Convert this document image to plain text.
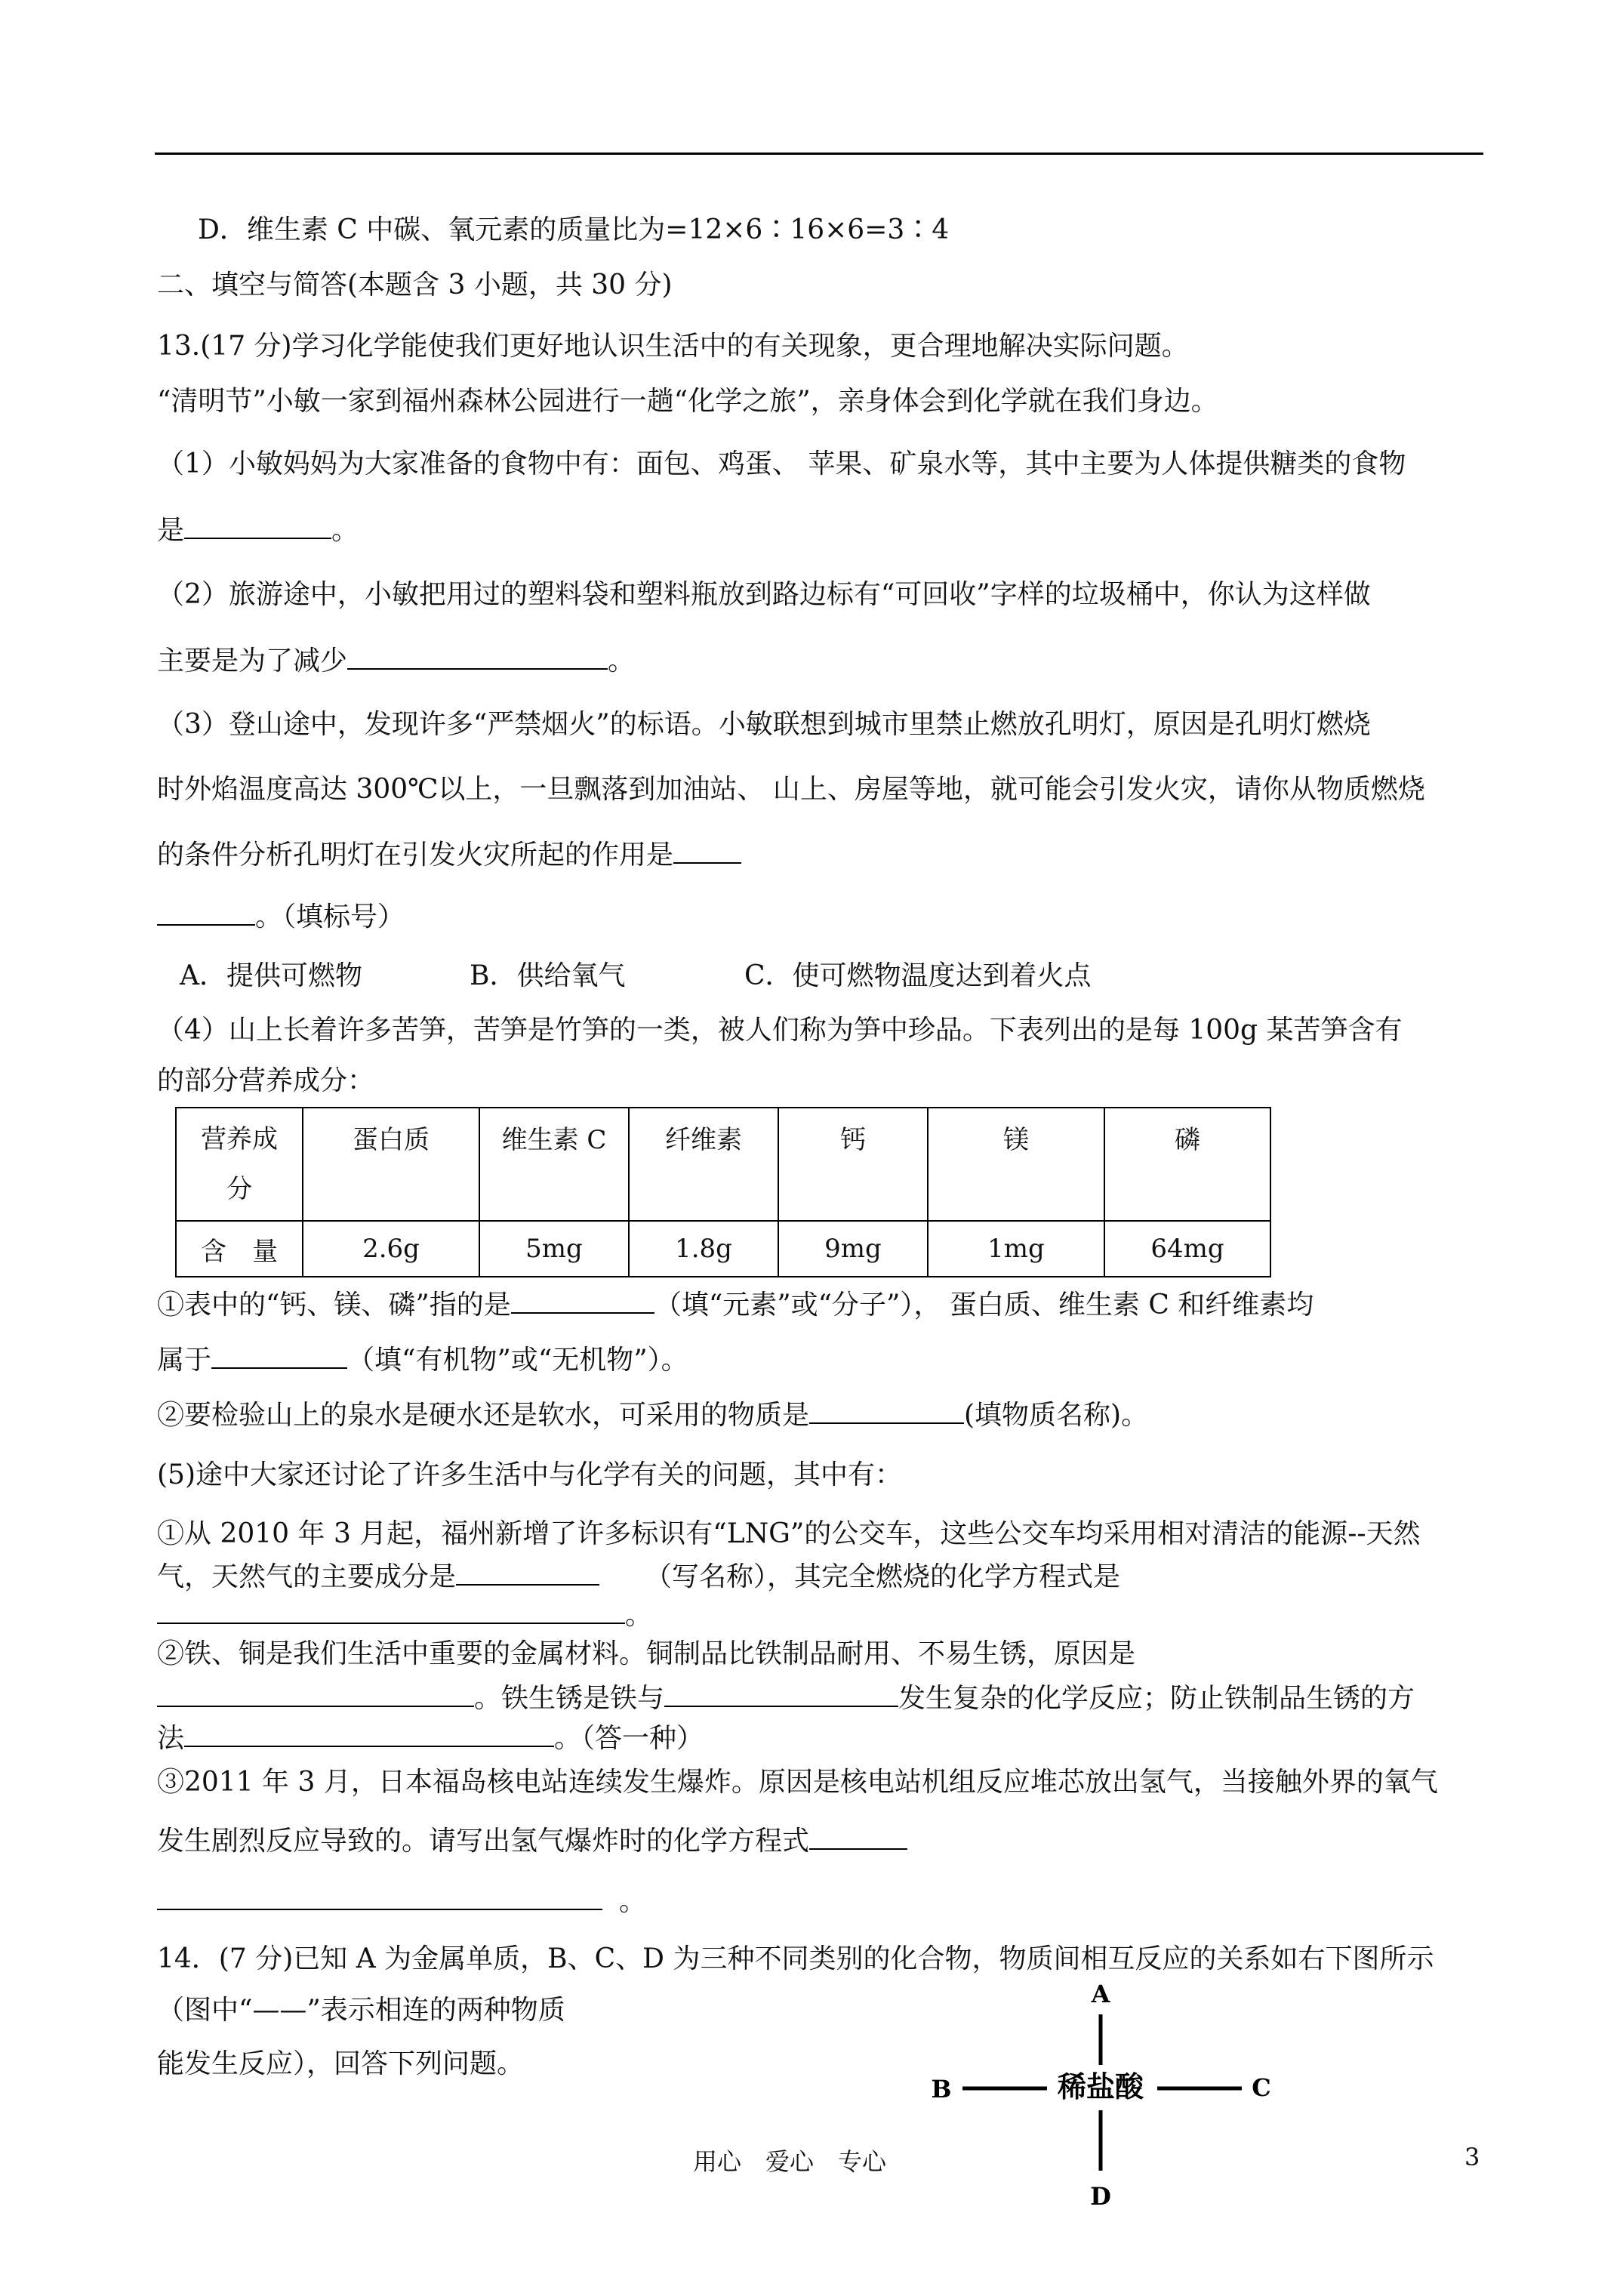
D．维生素 C 中碳、氧元素的质量比为=12×6∶16×6=3∶4
二、填空与简答(本题含 3 小题，共 30 分)
13.(17 分)学习化学能使我们更好地认识生活中的有关现象，更合理地解决实际问题。
“清明节”小敏一家到福州森林公园进行一趟“化学之旅”，亲身体会到化学就在我们身边。
（1）小敏妈妈为大家准备的食物中有：面包、鸡蛋、 苹果、矿泉水等，其中主要为人体提供糖类的食物
是	。
（2）旅游途中，小敏把用过的塑料袋和塑料瓶放到路边标有“可回收”字样的垃圾桶中，你认为这样做
主要是为了减少	。
（3）登山途中，发现许多“严禁烟火”的标语。小敏联想到城市里禁止燃放孔明灯，原因是孔明灯燃烧
时外焰温度高达 300℃以上，一旦飘落到加油站、 山上、房屋等地，就可能会引发火灾，请你从物质燃烧
的条件分析孔明灯在引发火灾所起的作用是
。（填标号）
A．提供可燃物	B．供给氧气	C．使可燃物温度达到着火点
（4）山上长着许多苦笋，苦笋是竹笋的一类，被人们称为笋中珍品。下表列出的是每 100g 某苦笋含有
的部分营养成分：
营养成
分	蛋白质	维生素 C	纤维素	钙	镁	磷
含　量	2.6g	5mg	1.8g	9mg	1mg	64mg
①表中的“钙、镁、磷”指的是	（填“元素”或“分子”）， 蛋白质、维生素 C 和纤维素均
属于	（填“有机物”或“无机物”）。
②要检验山上的泉水是硬水还是软水，可采用的物质是	(填物质名称)。
(5)途中大家还讨论了许多生活中与化学有关的问题，其中有：
①从 2010 年 3 月起，福州新增了许多标识有“LNG”的公交车，这些公交车均采用相对清洁的能源--天然
气，天然气的主要成分是	（写名称），其完全燃烧的化学方程式是
。
②铁、铜是我们生活中重要的金属材料。铜制品比铁制品耐用、不易生锈，原因是
。铁生锈是铁与	发生复杂的化学反应；防止铁制品生锈的方
法	。（答一种）
③2011 年 3 月，日本福岛核电站连续发生爆炸。原因是核电站机组反应堆芯放出氢气，当接触外界的氧气
发生剧烈反应导致的。请写出氢气爆炸时的化学方程式
。
14．(7 分)已知 A 为金属单质，B、C、D 为三种不同类别的化合物，物质间相互反应的关系如右下图所示
（图中“——”表示相连的两种物质
能发生反应），回答下列问题。
稀盐酸
A
B	C
D
用心　爱心　专心	3
